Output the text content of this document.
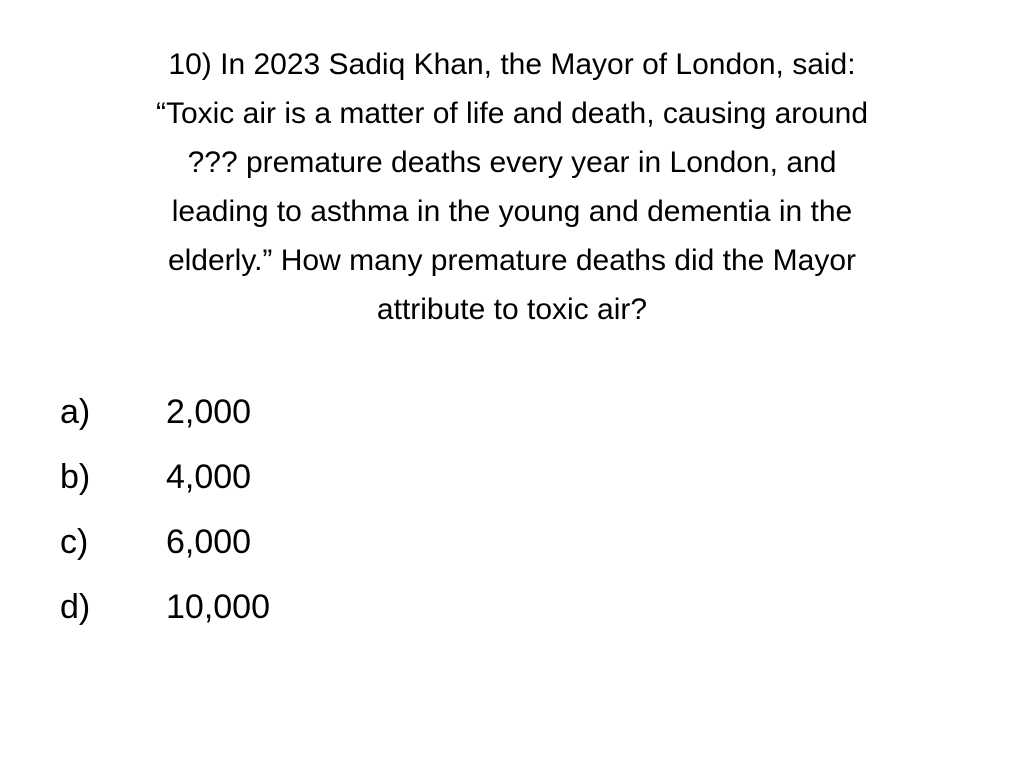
10) In 2023 Sadiq Khan, the Mayor of London, said:
“Toxic air is a matter of life and death, causing around
??? premature deaths every year in London, and
leading to asthma in the young and dementia in the
elderly.” How many premature deaths did the Mayor
attribute to toxic air?
a)	2,000
b)	4,000
c)	6,000
d)	10,000
